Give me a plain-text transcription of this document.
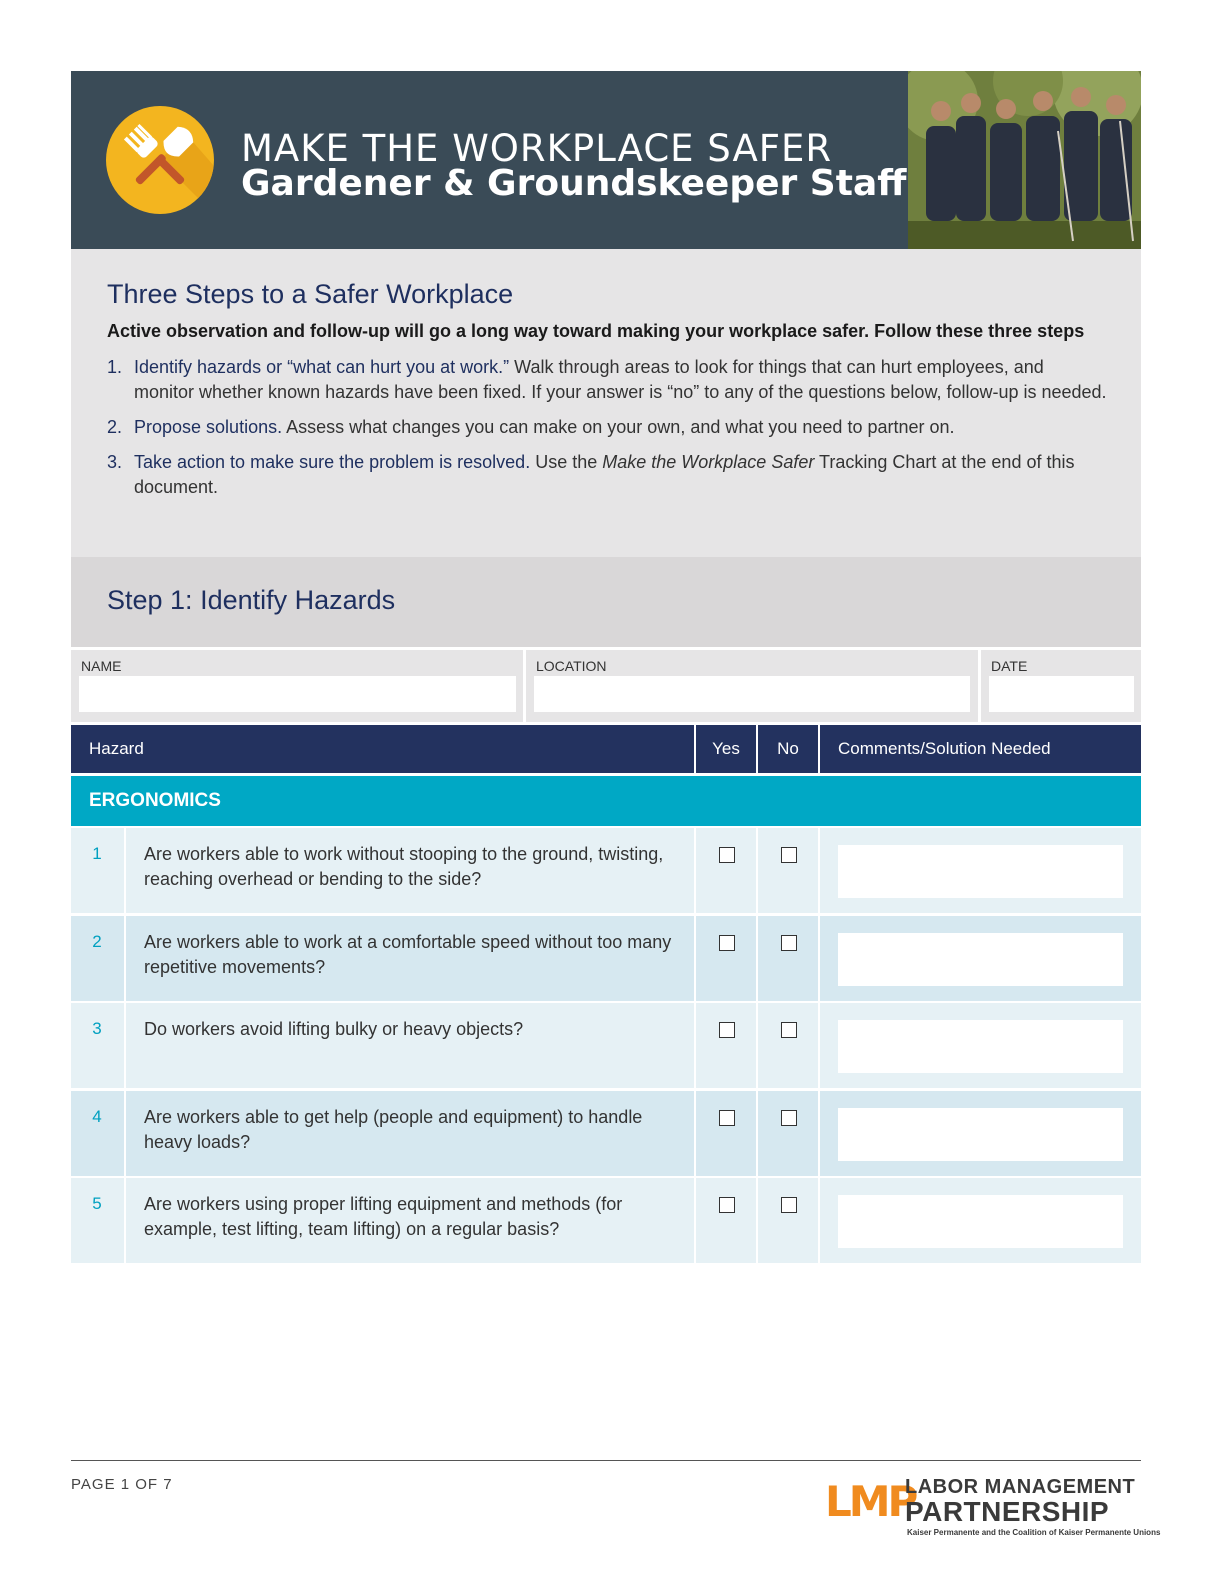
MAKE THE WORKPLACE SAFER
Gardener & Groundskeeper Staff
Three Steps to a Safer Workplace
Active observation and follow-up will go a long way toward making your workplace safer. Follow these three steps
1. Identify hazards or “what can hurt you at work.” Walk through areas to look for things that can hurt employees, and monitor whether known hazards have been fixed. If your answer is “no” to any of the questions below, follow-up is needed.
2. Propose solutions. Assess what changes you can make on your own, and what you need to partner on.
3. Take action to make sure the problem is resolved. Use the Make the Workplace Safer Tracking Chart at the end of this document.
Step 1: Identify Hazards
NAME	LOCATION	DATE
Hazard	Yes	No	Comments/Solution Needed
ERGONOMICS
1	Are workers able to work without stooping to the ground, twisting, reaching overhead or bending to the side?
2	Are workers able to work at a comfortable speed without too many repetitive movements?
3	Do workers avoid lifting bulky or heavy objects?
4	Are workers able to get help (people and equipment) to handle heavy loads?
5	Are workers using proper lifting equipment and methods (for example, test lifting, team lifting) on a regular basis?
PAGE 1 OF 7	LMP
LABOR MANAGEMENT
PARTNERSHIP
Kaiser Permanente and the Coalition of Kaiser Permanente Unions
